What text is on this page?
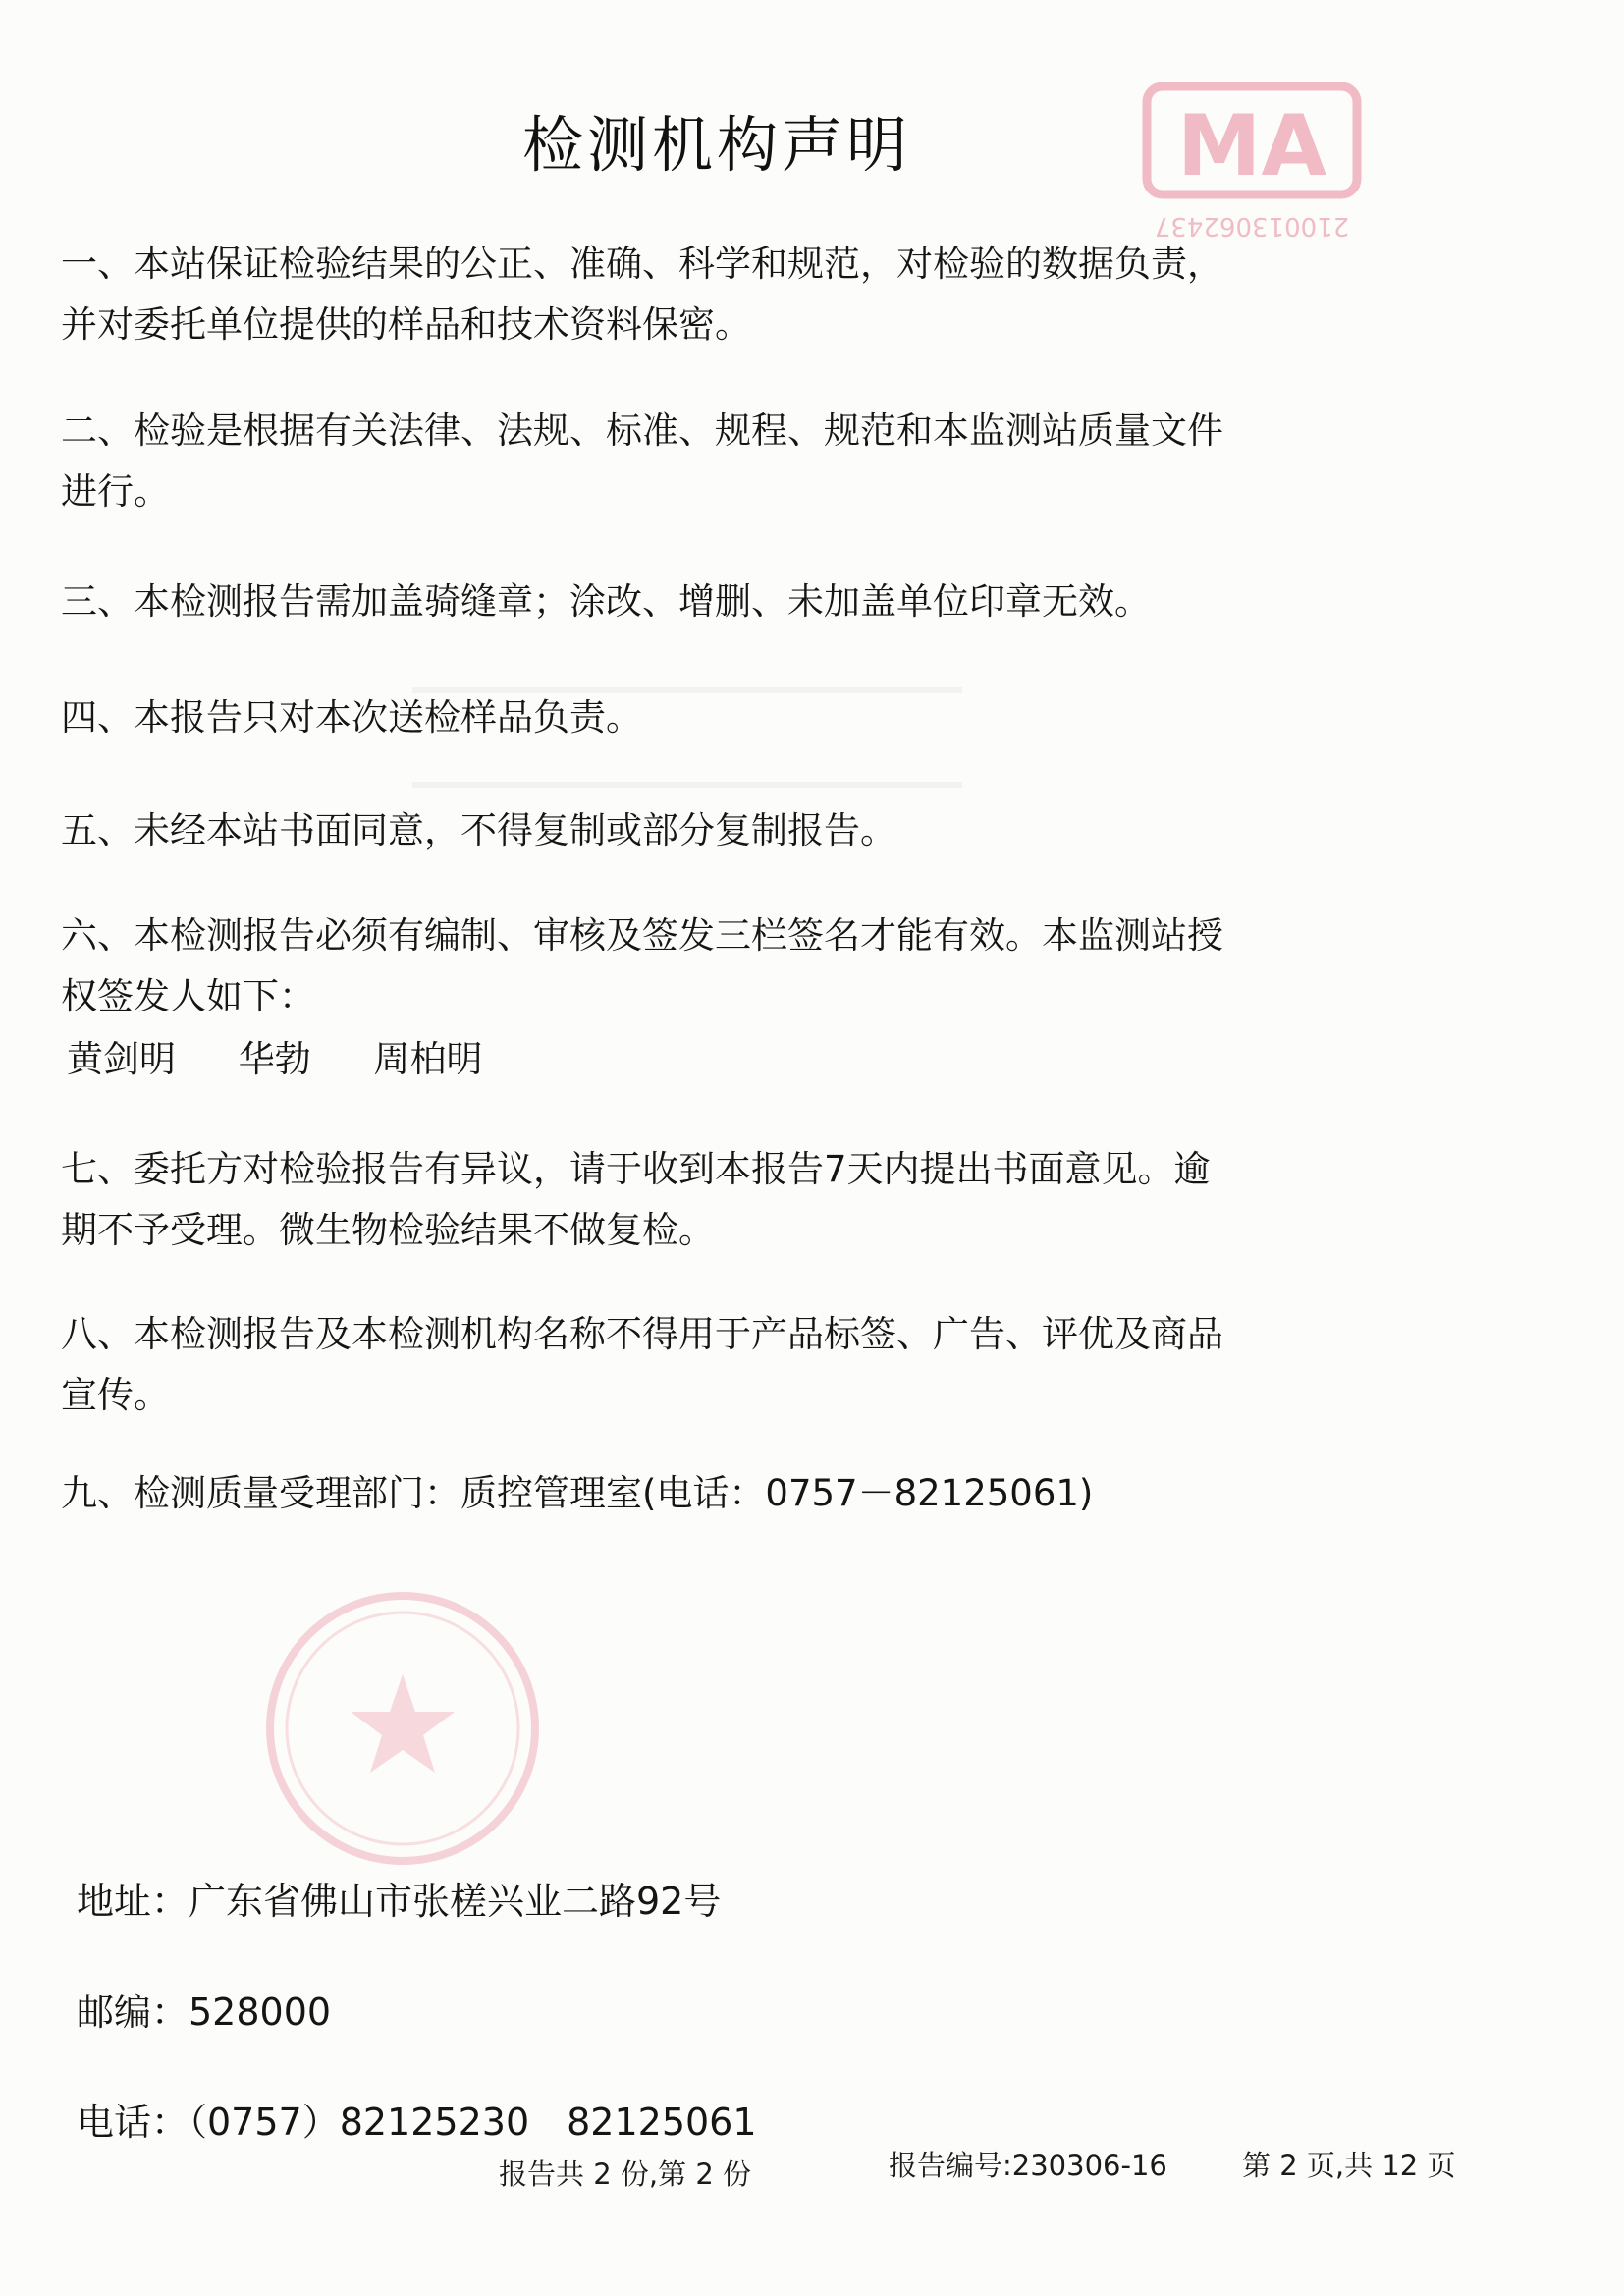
MA
210013062437
检测机构声明
一、本站保证检验结果的公正、准确、科学和规范，对检验的数据负责，
并对委托单位提供的样品和技术资料保密。
二、检验是根据有关法律、法规、标准、规程、规范和本监测站质量文件
进行。
三、本检测报告需加盖骑缝章；涂改、增删、未加盖单位印章无效。
四、本报告只对本次送检样品负责。
五、未经本站书面同意，不得复制或部分复制报告。
六、本检测报告必须有编制、审核及签发三栏签名才能有效。本监测站授
权签发人如下：
黄剑明 华勃 周柏明
七、委托方对检验报告有异议，请于收到本报告7天内提出书面意见。逾
期不予受理。微生物检验结果不做复检。
八、本检测报告及本检测机构名称不得用于产品标签、广告、评优及商品
宣传。
九、检测质量受理部门：质控管理室(电话：0757－82125061)
地址：广东省佛山市张槎兴业二路92号
邮编：528000
电话：（0757）82125230　82125061
报告共 2 份,第 2 份	报告编号:230306-16	第 2 页,共 12 页
